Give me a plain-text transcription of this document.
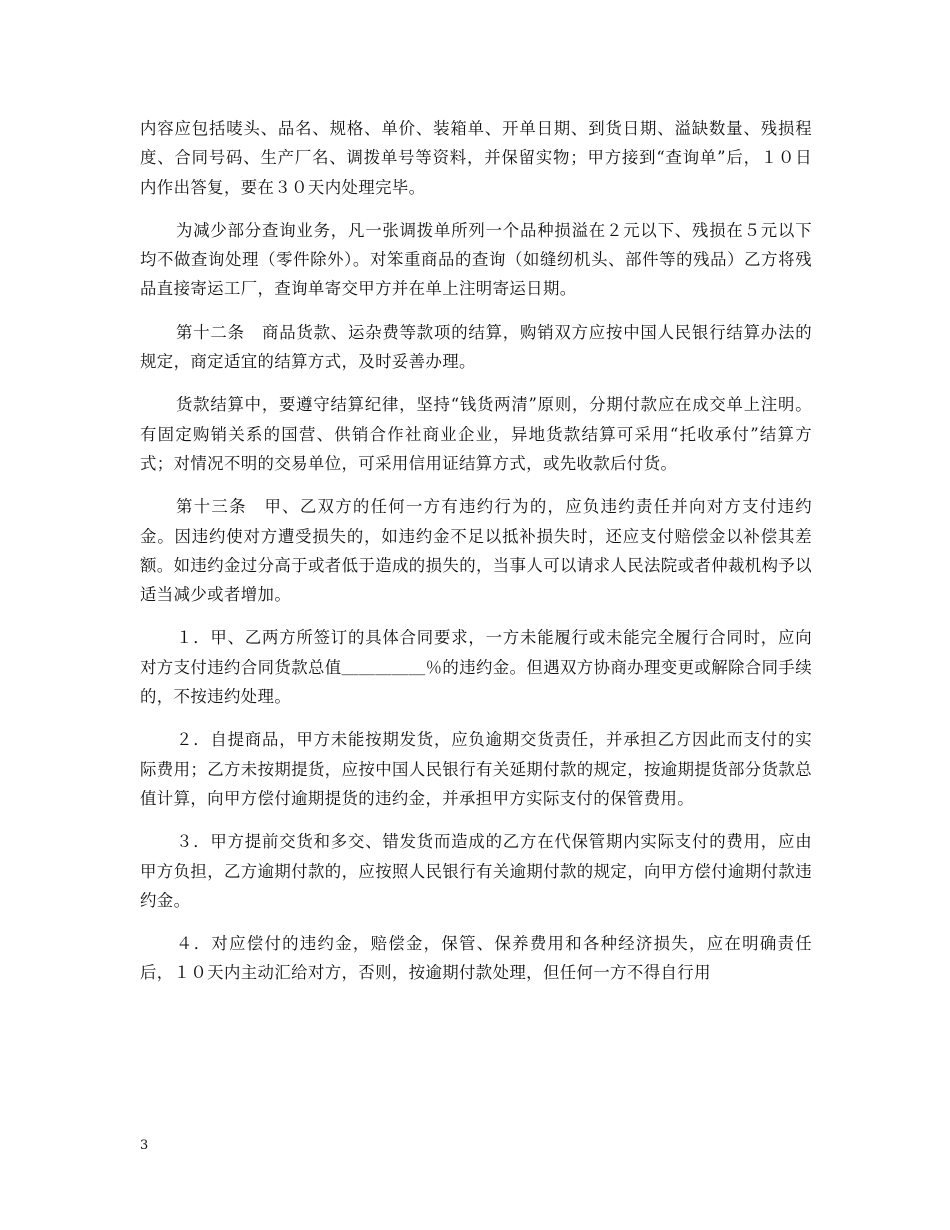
内容应包括唛头、品名、规格、单价、装箱单、开单日期、到货日期、溢缺数量、残损程度、合同号码、生产厂名、调拨单号等资料，并保留实物；甲方接到“查询单”后，１０日内作出答复，要在３０天内处理完毕。

为减少部分查询业务，凡一张调拨单所列一个品种损溢在２元以下、残损在５元以下均不做查询处理（零件除外）。对笨重商品的查询（如缝纫机头、部件等的残品）乙方将残品直接寄运工厂，查询单寄交甲方并在单上注明寄运日期。

第十二条　商品货款、运杂费等款项的结算，购销双方应按中国人民银行结算办法的规定，商定适宜的结算方式，及时妥善办理。

货款结算中，要遵守结算纪律，坚持“钱货两清”原则，分期付款应在成交单上注明。有固定购销关系的国营、供销合作社商业企业，异地货款结算可采用“托收承付”结算方式；对情况不明的交易单位，可采用信用证结算方式，或先收款后付货。

第十三条　甲、乙双方的任何一方有违约行为的，应负违约责任并向对方支付违约金。因违约使对方遭受损失的，如违约金不足以抵补损失时，还应支付赔偿金以补偿其差额。如违约金过分高于或者低于造成的损失的，当事人可以请求人民法院或者仲裁机构予以适当减少或者增加。

１．甲、乙两方所签订的具体合同要求，一方未能履行或未能完全履行合同时，应向对方支付违约合同货款总值＿＿＿＿＿％的违约金。但遇双方协商办理变更或解除合同手续的，不按违约处理。

２．自提商品，甲方未能按期发货，应负逾期交货责任，并承担乙方因此而支付的实际费用；乙方未按期提货，应按中国人民银行有关延期付款的规定，按逾期提货部分货款总值计算，向甲方偿付逾期提货的违约金，并承担甲方实际支付的保管费用。

３．甲方提前交货和多交、错发货而造成的乙方在代保管期内实际支付的费用，应由甲方负担，乙方逾期付款的，应按照人民银行有关逾期付款的规定，向甲方偿付逾期付款违约金。

４．对应偿付的违约金，赔偿金，保管、保养费用和各种经济损失，应在明确责任后，１０天内主动汇给对方，否则，按逾期付款处理，但任何一方不得自行用

3
